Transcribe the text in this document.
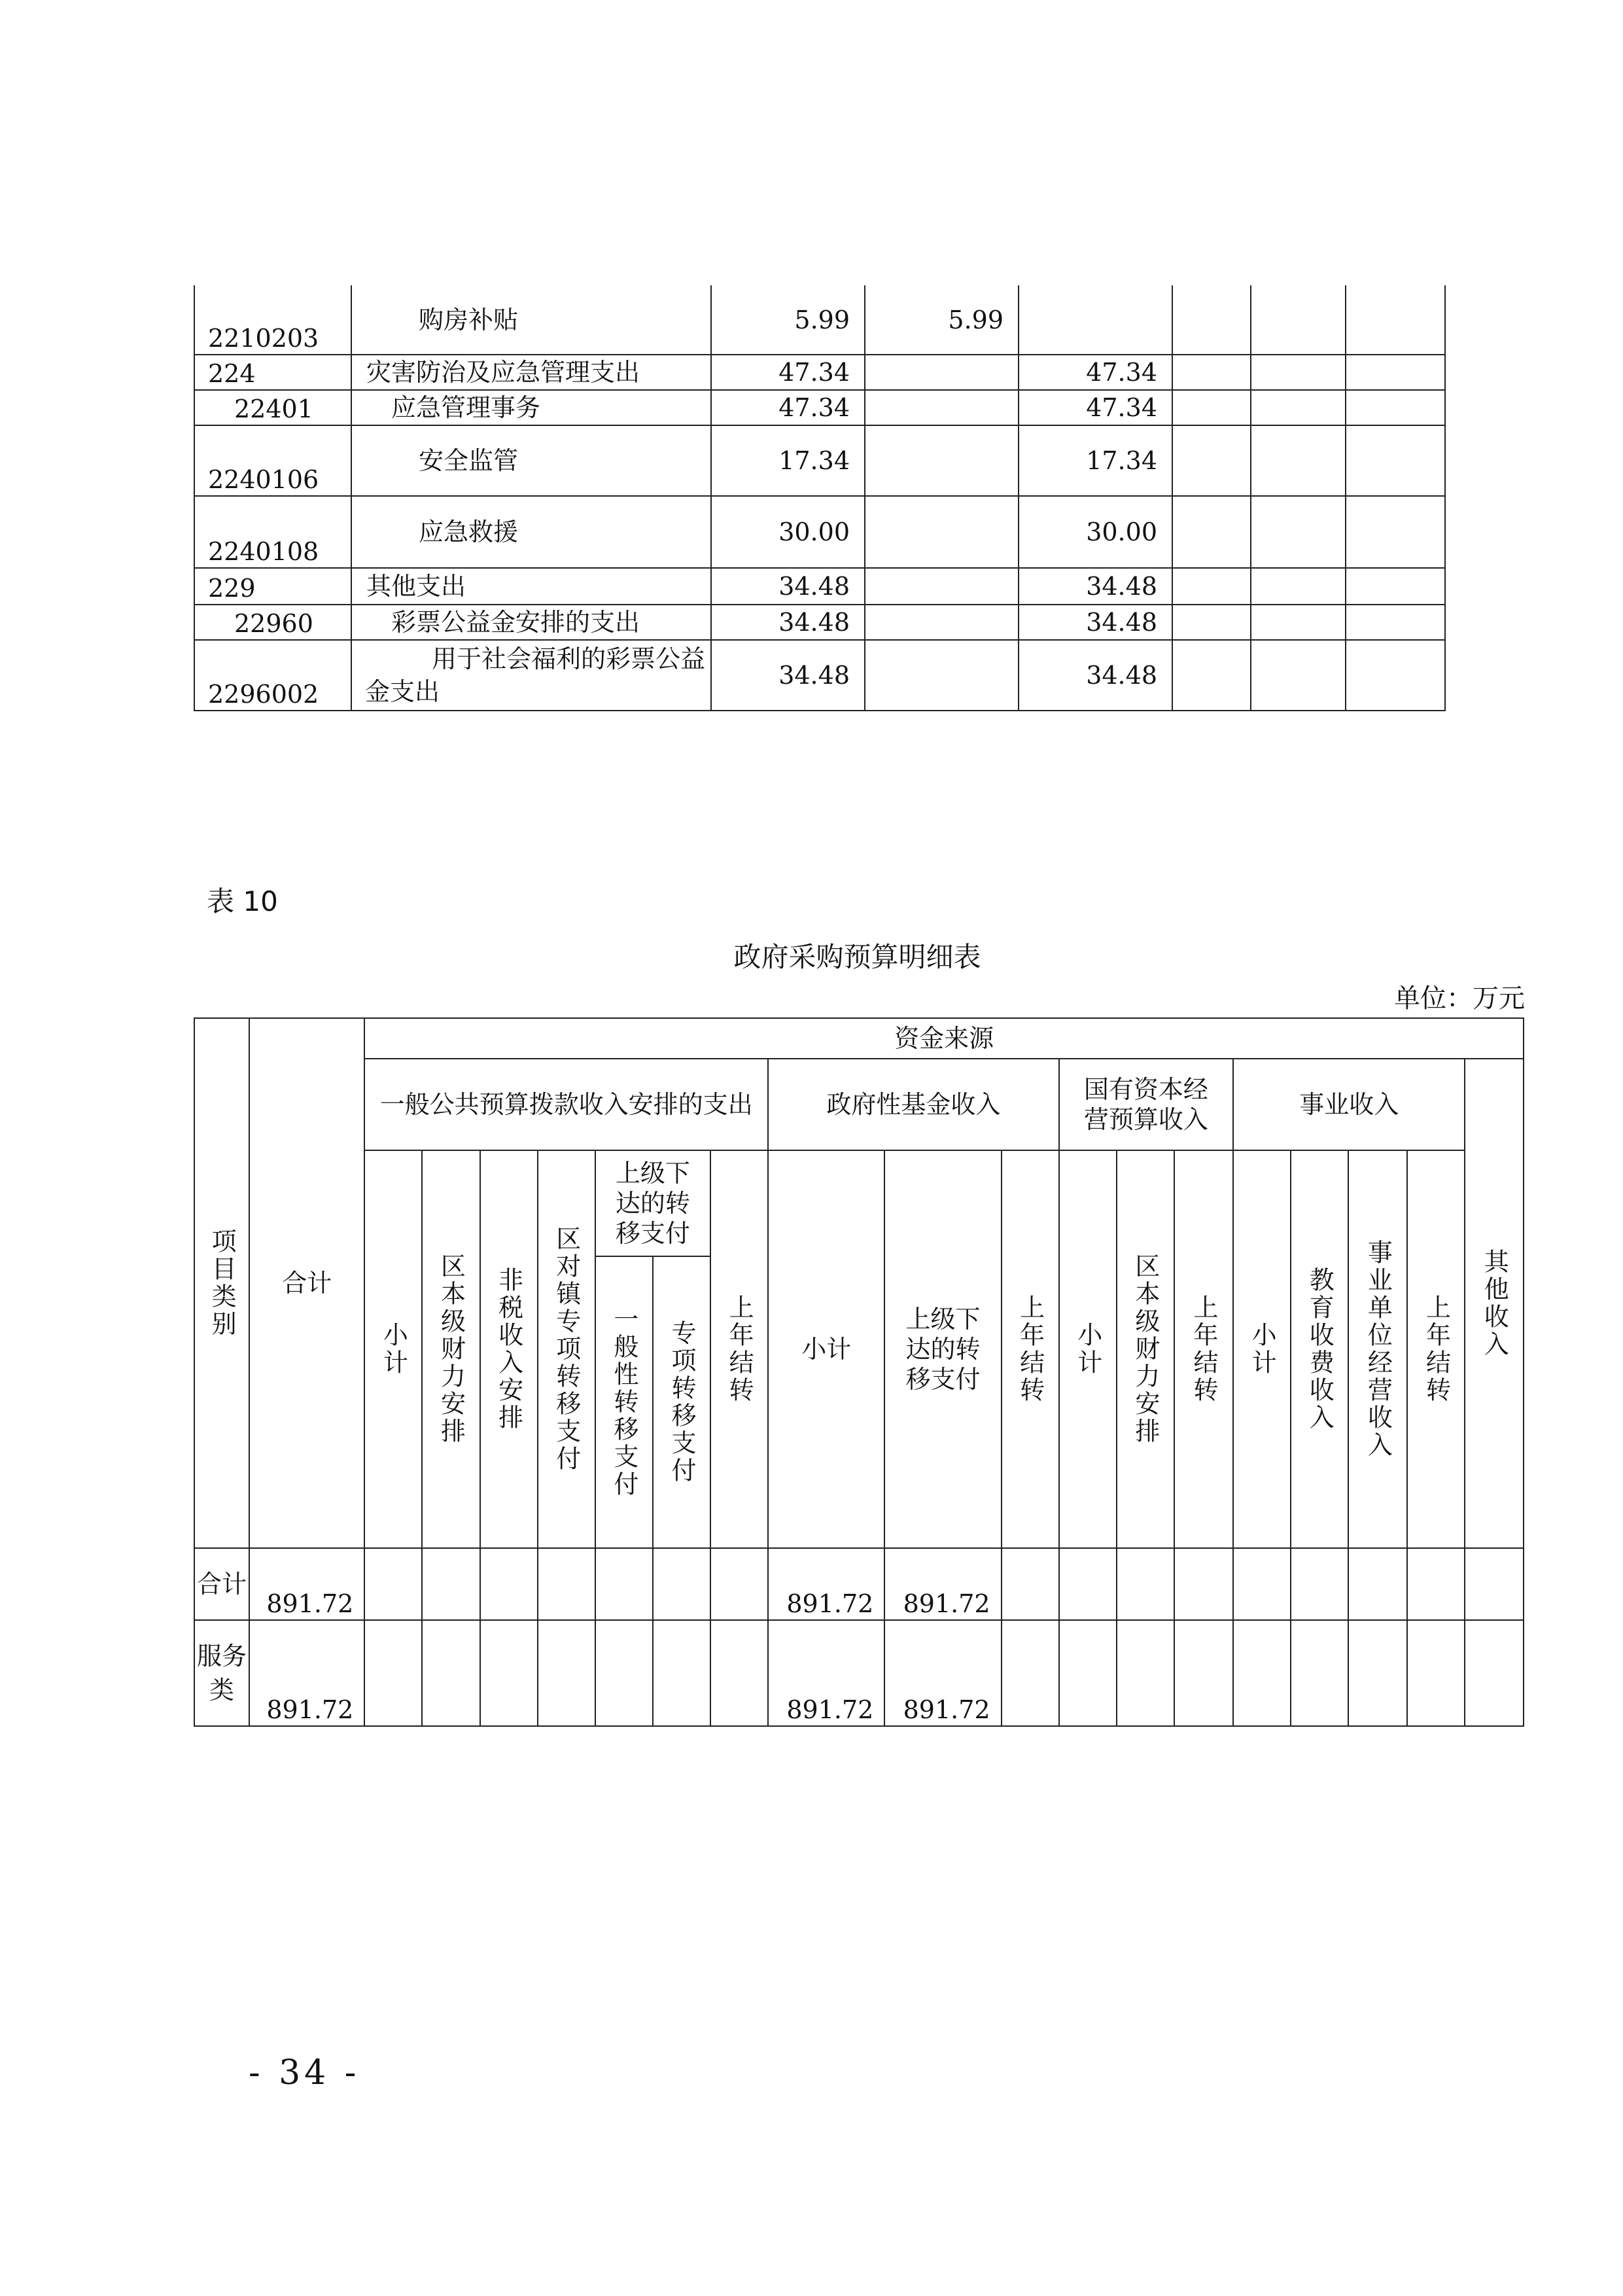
2210203	购房补贴	5.99	5.99				
224	灾害防治及应急管理支出	47.34		47.34			
22401	应急管理事务	47.34		47.34			
2240106	安全监管	17.34		17.34			
2240108	应急救援	30.00		30.00			
229	其他支出	34.48		34.48			
22960	彩票公益金安排的支出	34.48		34.48			
2296002	用于社会福利的彩票公益金支出	34.48		34.48			
表 10
政府采购预算明细表
单位：万元
项目类别	合计	资金来源																	
		一般公共预算拨款收入安排的支出							政府性基金收入			国有资本经营预算收入			事业收入				其他收入
		小计	区本级财力安排	非税收入安排	区对镇专项转移支付	上级下达的转移支付		上年结转	小计	上级下达的转移支付	上年结转	小计	区本级财力安排	上年结转	小计	教育收费收入	事业单位经营收入	上年结转	
						一般性转移支付	专项转移支付												
合计	891.72								891.72	891.72									
服务类	891.72								891.72	891.72									
- 34 -
